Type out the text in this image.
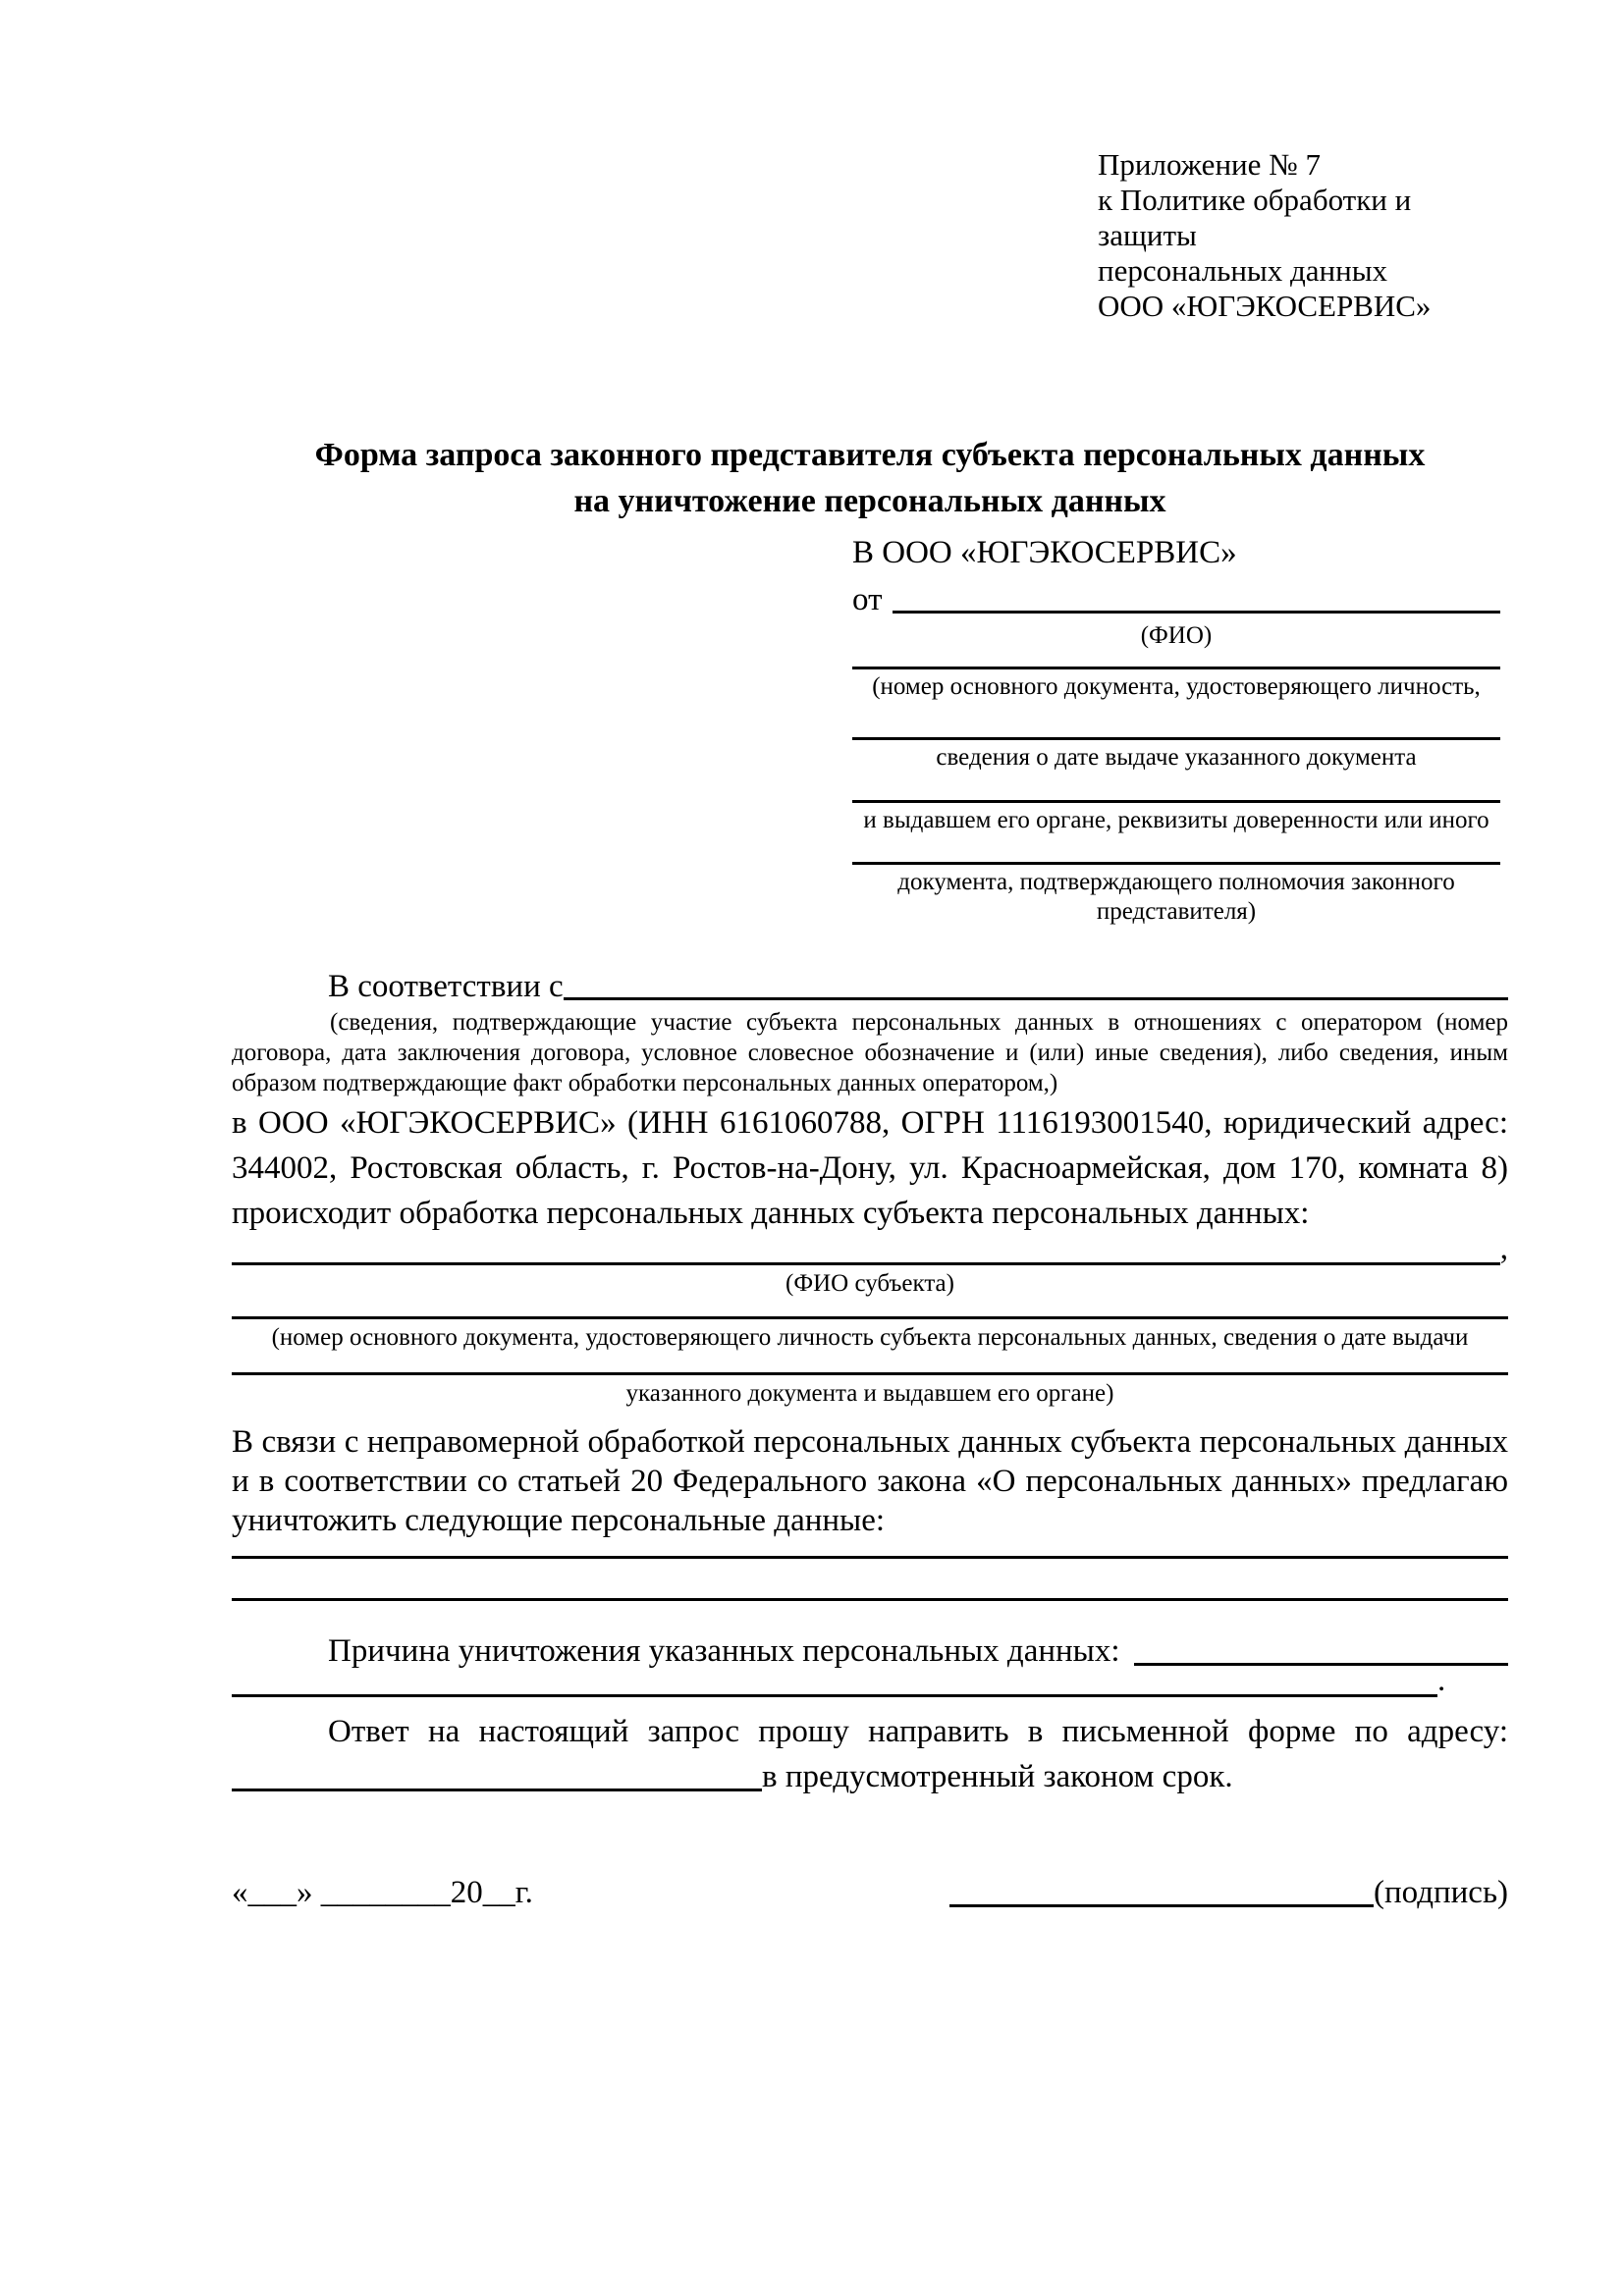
Приложение № 7
к Политике обработки и защиты
персональных данных
ООО «ЮГЭКОСЕРВИС»
Форма запроса законного представителя субъекта персональных данных
на уничтожение персональных данных
В ООО «ЮГЭКОСЕРВИС»
от
(ФИО)
(номер основного документа, удостоверяющего личность,
сведения о дате выдаче указанного документа
и выдавшем его органе, реквизиты доверенности или иного
документа, подтверждающего полномочия законного представителя)
В соответствии с
(сведения, подтверждающие участие субъекта персональных данных в отношениях с оператором (номер договора, дата заключения договора, условное словесное обозначение и (или) иные сведения), либо сведения, иным образом подтверждающие факт обработки персональных данных оператором,)
в ООО «ЮГЭКОСЕРВИС» (ИНН 6161060788, ОГРН 1116193001540, юридический адрес: 344002, Ростовская область, г. Ростов-на-Дону, ул. Красноармейская, дом 170, комната 8) происходит обработка персональных данных субъекта персональных данных:
,
(ФИО субъекта)
(номер основного документа, удостоверяющего личность субъекта персональных данных, сведения о дате выдачи
указанного документа и выдавшем его органе)
В связи с неправомерной обработкой персональных данных субъекта персональных данных и в соответствии со статьей 20 Федерального закона «О персональных данных» предлагаю уничтожить следующие персональные данные:
Причина уничтожения указанных персональных данных:
.
Ответ на настоящий запрос прошу направить в письменной форме по адресу:
в предусмотренный законом срок.
«___» ________20__г.	(подпись)
